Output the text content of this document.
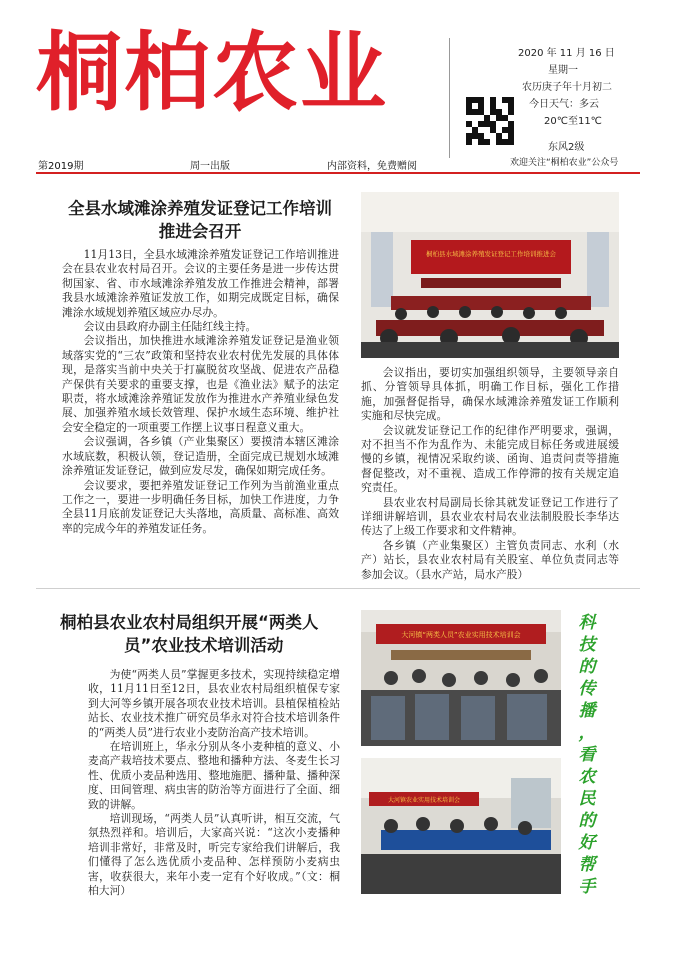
桐柏农业	2020 年 11 月 16 日
星期一
农历庚子年十月初二
今日天气：多云
20℃至11℃
东风2级
欢迎关注“桐柏农业”公众号
第2019期	周一出版	内部资料，免费赠阅
全县水域滩涂养殖发证登记工作培训
推进会召开

11月13日，全县水域滩涂养殖发证登记工作培训推进会在县农业农村局召开。会议的主要任务是进一步传达贯彻国家、省、市水域滩涂养殖发放工作推进会精神，部署我县水域滩涂养殖证发放工作，如期完成既定目标，确保滩涂水域规划养殖区域应办尽办。

会议由县政府办副主任陆红线主持。

会议指出，加快推进水域滩涂养殖发证登记是渔业领域落实党的“三农”政策和坚持农业农村优先发展的具体体现，是落实当前中央关于打赢脱贫攻坚战、促进农产品稳产保供有关要求的重要支撑，也是《渔业法》赋予的法定职责，将水域滩涂养殖证发放作为推进水产养殖业绿色发展、加强养殖水域长效管理、保护水域生态环境、维护社会安全稳定的一项重要工作摆上议事日程意义重大。

会议强调，各乡镇（产业集聚区）要摸清本辖区滩涂水域底数，积极认领，登记造册，全面完成已规划水域滩涂养殖证发证登记，做到应发尽发，确保如期完成任务。

会议要求，要把养殖发证登记工作列为当前渔业重点工作之一，要进一步明确任务目标，加快工作进度，力争全县11月底前发证登记大头落地，高质量、高标准、高效率的完成今年的养殖发证任务。

桐柏县水域滩涂养殖发证登记工作培训推进会

会议指出，要切实加强组织领导，主要领导亲自抓、分管领导具体抓，明确工作目标，强化工作措施，加强督促指导，确保水域滩涂养殖发证工作顺利实施和尽快完成。

会议就发证登记工作的纪律作严明要求，强调，对不担当不作为乱作为、未能完成目标任务或进展缓慢的乡镇，视情况采取约谈、函询、追责问责等措施督促整改，对不重视、造成工作停滞的按有关规定追究责任。

县农业农村局副局长徐其就发证登记工作进行了详细讲解培训，县农业农村局农业法制股股长李华达传达了上级工作要求和文件精神。

各乡镇（产业集聚区）主管负责同志、水利（水产）站长，县农业农村局有关股室、单位负责同志等参加会议。（县水产站，局水产股）

桐柏县农业农村局组织开展“两类人
员”农业技术培训活动

为使“两类人员”掌握更多技术，实现持续稳定增收，11月11日至12日，县农业农村局组织植保专家到大河等乡镇开展各项农业技术培训。县植保植检站站长、农业技术推广研究员华永对符合技术培训条件的“两类人员”进行农业小麦防治高产技术培训。

在培训班上，华永分别从冬小麦种植的意义、小麦高产栽培技术要点、整地和播种方法、冬麦生长习性、优质小麦品种选用、整地施肥、播种量、播种深度、田间管理、病虫害的防治等方面进行了全面、细致的讲解。

培训现场，“两类人员”认真听讲，相互交流，气氛热烈祥和。培训后，大家高兴说：“这次小麦播种培训非常好，非常及时，听完专家给我们讲解后，我们懂得了怎么选优质小麦品种、怎样预防小麦病虫害，收获很大，来年小麦一定有个好收成。”（文：桐柏大河）

大河镇“两类人员”农业实用技术培训会
大河镇农业实用技术培训会
科
技
的
传
播
，
看
农
民
的
好
帮
手
